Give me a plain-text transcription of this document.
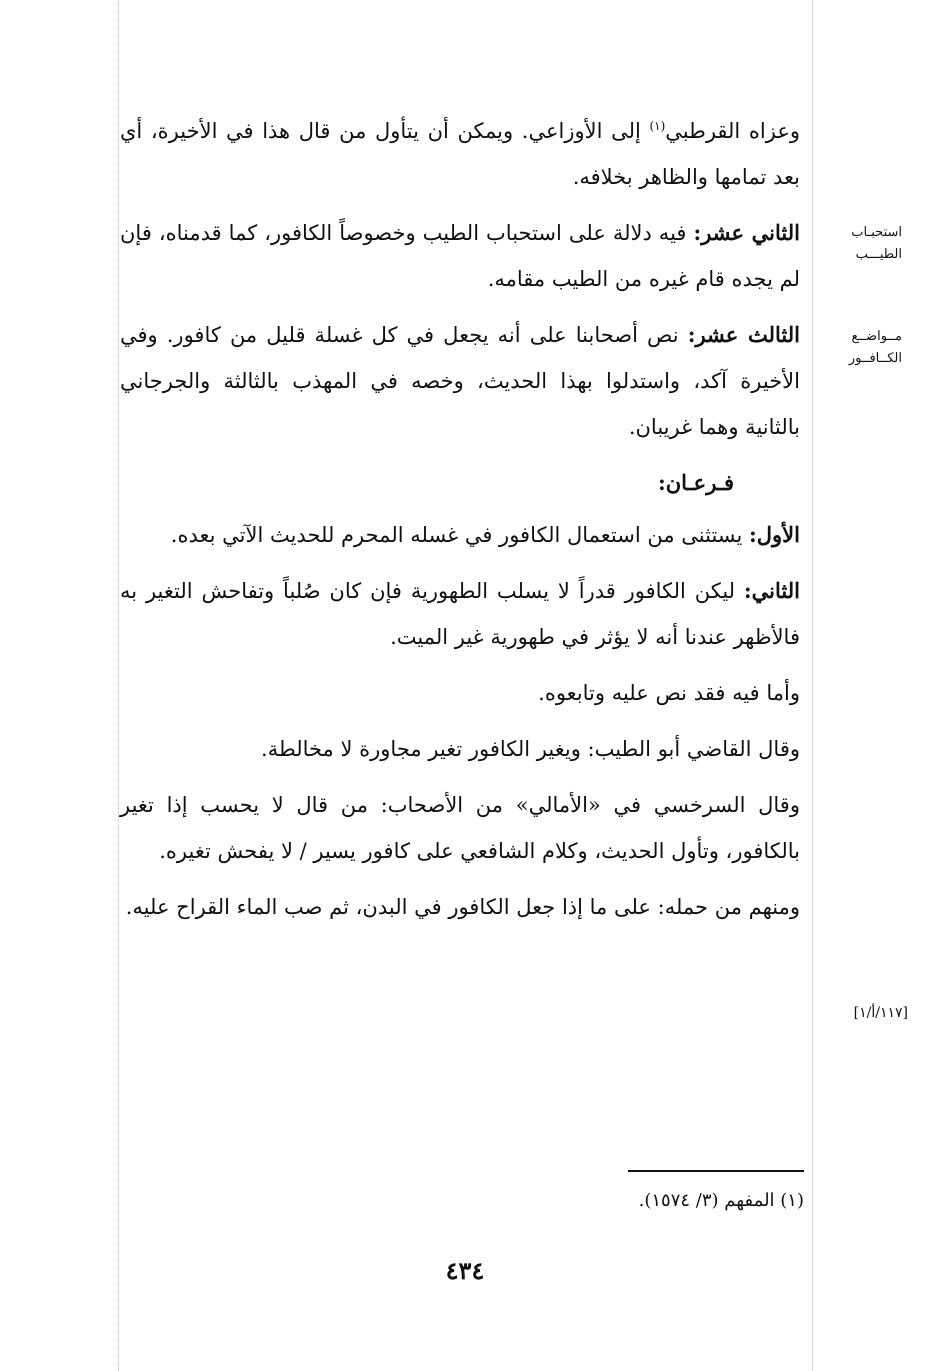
وعزاه القرطبي$^{(١)}$ إلى الأوزاعي. ويمكن أن يتأول من قال هذا في الأخيرة، أي بعد تمامها والظاهر بخلافه.
الثاني عشر: فيه دلالة على استحباب الطيب وخصوصاً الكافور، كما قدمناه، فإن لم يجده قام غيره من الطيب مقامه.
الثالث عشر: نص أصحابنا على أنه يجعل في كل غسلة قليل من كافور. وفي الأخيرة آكد، واستدلوا بهذا الحديث، وخصه في المهذب بالثالثة والجرجاني بالثانية وهما غريبان.
فـرعـان:
الأول: يستثنى من استعمال الكافور في غسله المحرم للحديث الآتي بعده.
الثاني: ليكن الكافور قدراً لا يسلب الطهورية فإن كان صُلباً وتفاحش التغير به فالأظهر عندنا أنه لا يؤثر في طهورية غير الميت.
وأما فيه فقد نص عليه وتابعوه.
وقال القاضي أبو الطيب: ويغير الكافور تغير مجاورة لا مخالطة.
وقال السرخسي في «الأمالي» من الأصحاب: من قال لا يحسب إذا تغير بالكافور، وتأول الحديث، وكلام الشافعي على كافور يسير / لا يفحش تغيره.
ومنهم من حمله: على ما إذا جعل الكافور في البدن، ثم صب الماء القراح عليه.
استحبـاب الطيـــب
مــواضــع الكــافــور
[١١٧/أ/١]
(١) المفهم (٣/ ١٥٧٤).
٤٣٤
